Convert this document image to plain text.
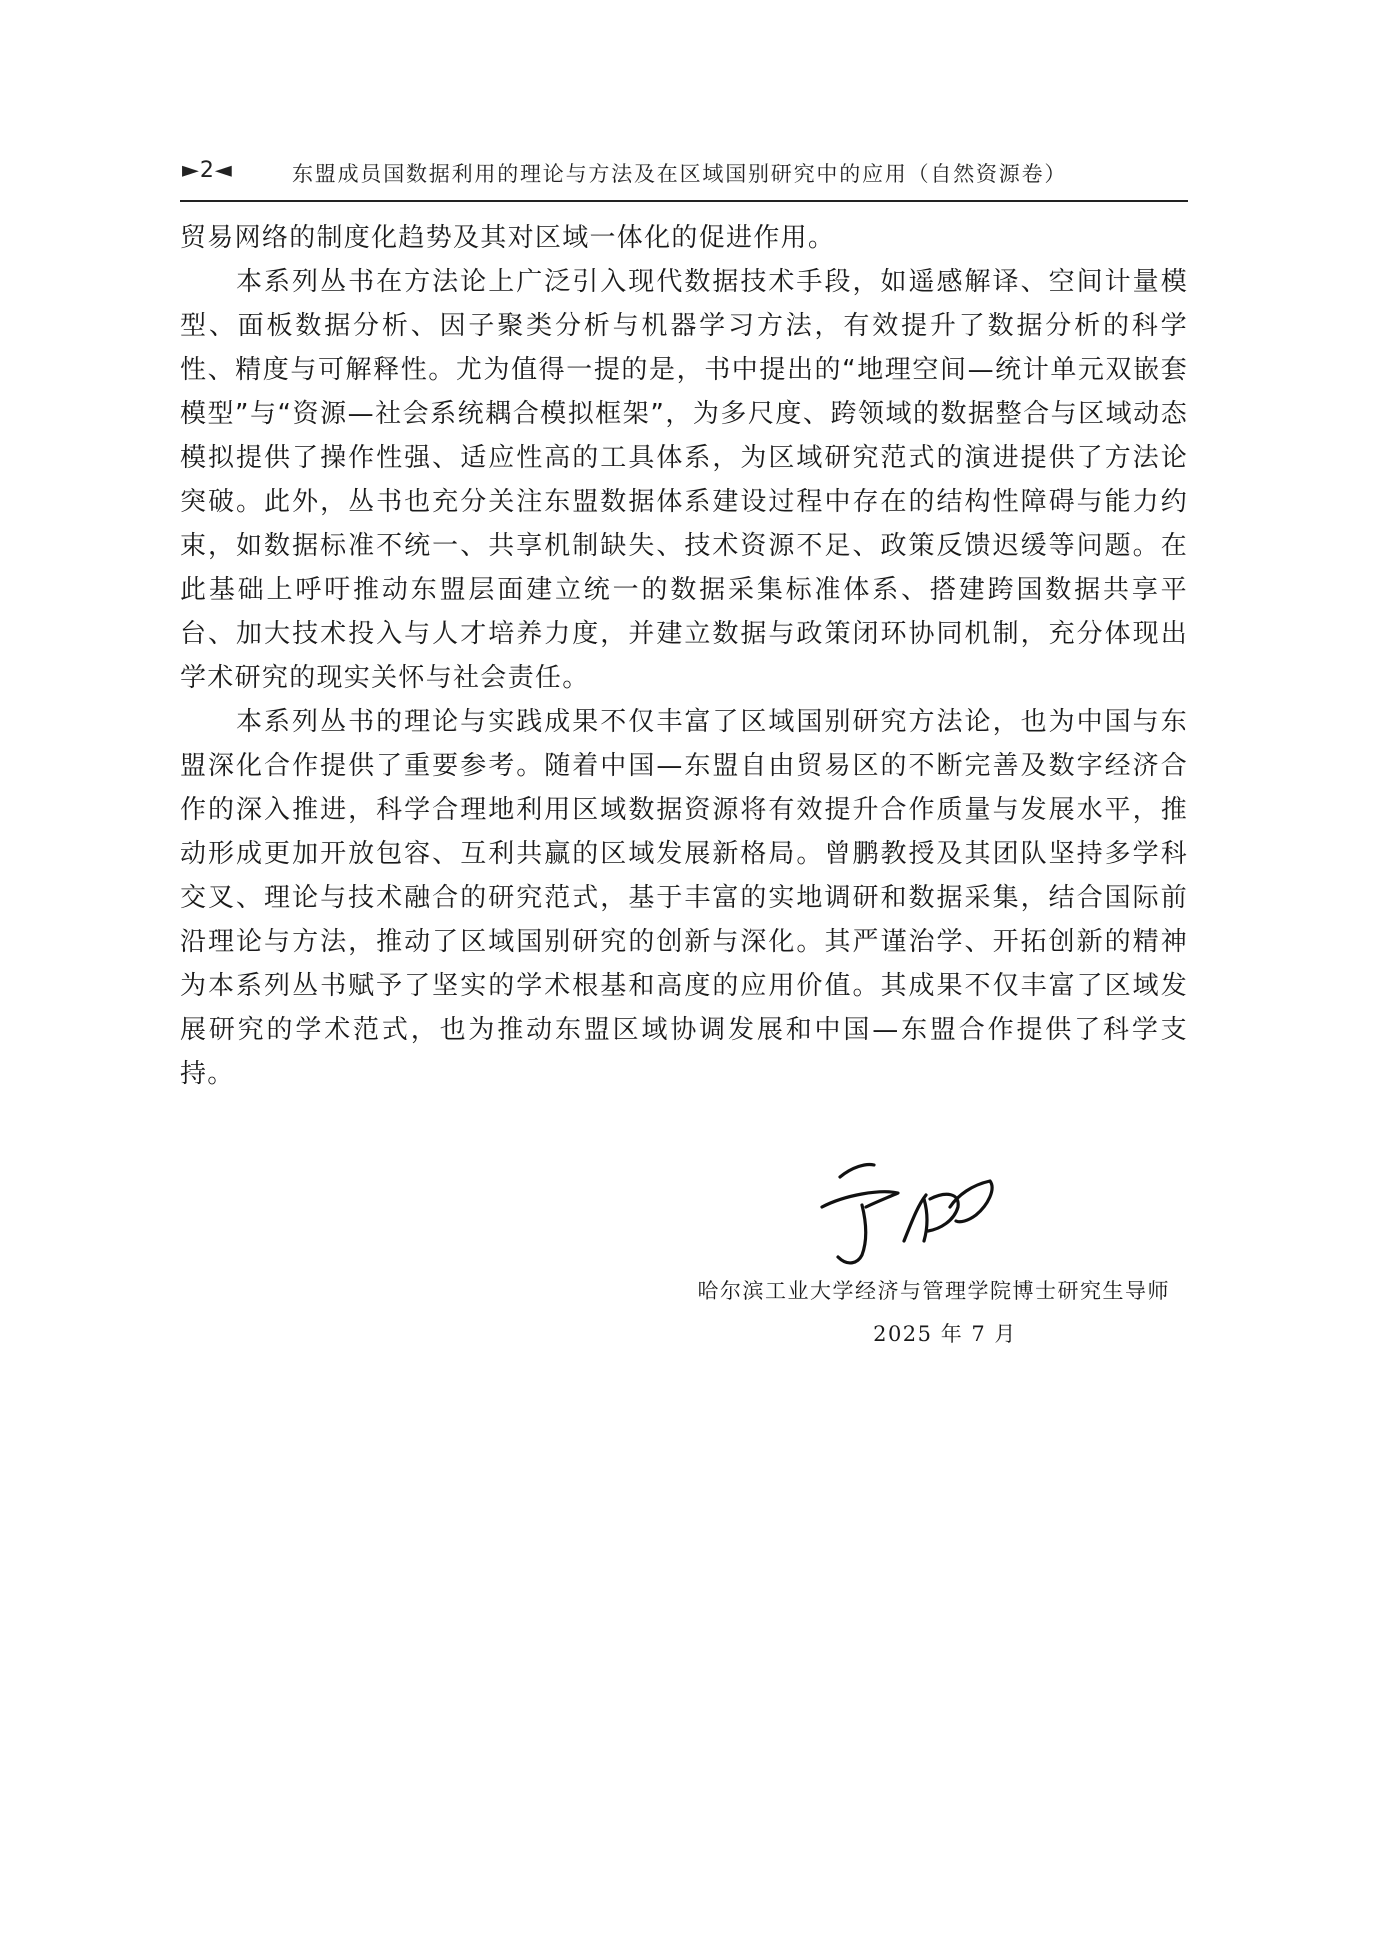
►2◄	东盟成员国数据利用的理论与方法及在区域国别研究中的应用（自然资源卷）

贸易网络的制度化趋势及其对区域一体化的促进作用。

本系列丛书在方法论上广泛引入现代数据技术手段，如遥感解译、空间计量模型、面板数据分析、因子聚类分析与机器学习方法，有效提升了数据分析的科学性、精度与可解释性。尤为值得一提的是，书中提出的“地理空间—统计单元双嵌套模型”与“资源—社会系统耦合模拟框架”，为多尺度、跨领域的数据整合与区域动态模拟提供了操作性强、适应性高的工具体系，为区域研究范式的演进提供了方法论突破。此外，丛书也充分关注东盟数据体系建设过程中存在的结构性障碍与能力约束，如数据标准不统一、共享机制缺失、技术资源不足、政策反馈迟缓等问题。在此基础上呼吁推动东盟层面建立统一的数据采集标准体系、搭建跨国数据共享平台、加大技术投入与人才培养力度，并建立数据与政策闭环协同机制，充分体现出学术研究的现实关怀与社会责任。

本系列丛书的理论与实践成果不仅丰富了区域国别研究方法论，也为中国与东盟深化合作提供了重要参考。随着中国—东盟自由贸易区的不断完善及数字经济合作的深入推进，科学合理地利用区域数据资源将有效提升合作质量与发展水平，推动形成更加开放包容、互利共赢的区域发展新格局。曾鹏教授及其团队坚持多学科交叉、理论与技术融合的研究范式，基于丰富的实地调研和数据采集，结合国际前沿理论与方法，推动了区域国别研究的创新与深化。其严谨治学、开拓创新的精神为本系列丛书赋予了坚实的学术根基和高度的应用价值。其成果不仅丰富了区域发展研究的学术范式，也为推动东盟区域协调发展和中国—东盟合作提供了科学支持。

哈尔滨工业大学经济与管理学院博士研究生导师
2025 年 7 月
